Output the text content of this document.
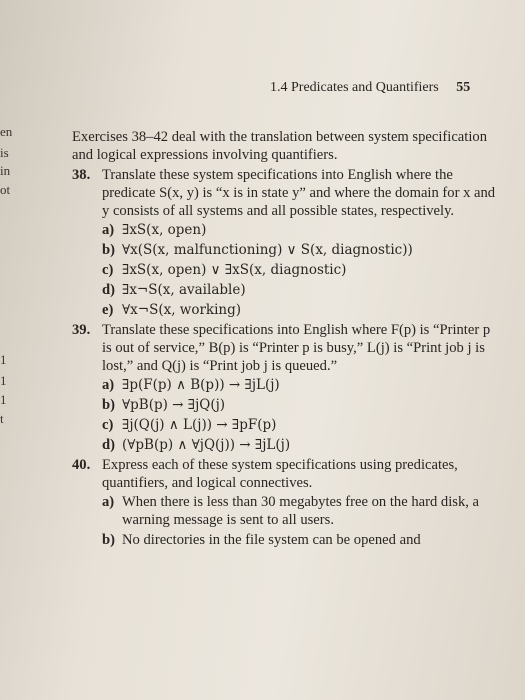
1.4 Predicates and Quantifiers 55
en
is
in
ot
1
1
1
t

Exercises 38–42 deal with the translation between system specification and logical expressions involving quantifiers.

38. Translate these system specifications into English where the predicate S(x, y) is “x is in state y” and where the domain for x and y consists of all systems and all possible states, respectively.

a) ∃xS(x, open)
b) ∀x(S(x, malfunctioning) ∨ S(x, diagnostic))
c) ∃xS(x, open) ∨ ∃xS(x, diagnostic)
d) ∃x¬S(x, available)
e) ∀x¬S(x, working)
39. Translate these specifications into English where F(p) is “Printer p is out of service,” B(p) is “Printer p is busy,” L(j) is “Print job j is lost,” and Q(j) is “Print job j is queued.”

a) ∃p(F(p) ∧ B(p)) → ∃jL(j)
b) ∀pB(p) → ∃jQ(j)
c) ∃j(Q(j) ∧ L(j)) → ∃pF(p)
d) (∀pB(p) ∧ ∀jQ(j)) → ∃jL(j)
40. Express each of these system specifications using predicates, quantifiers, and logical connectives.

a) When there is less than 30 megabytes free on the hard disk, a warning message is sent to all users.
b) No directories in the file system can be opened and
